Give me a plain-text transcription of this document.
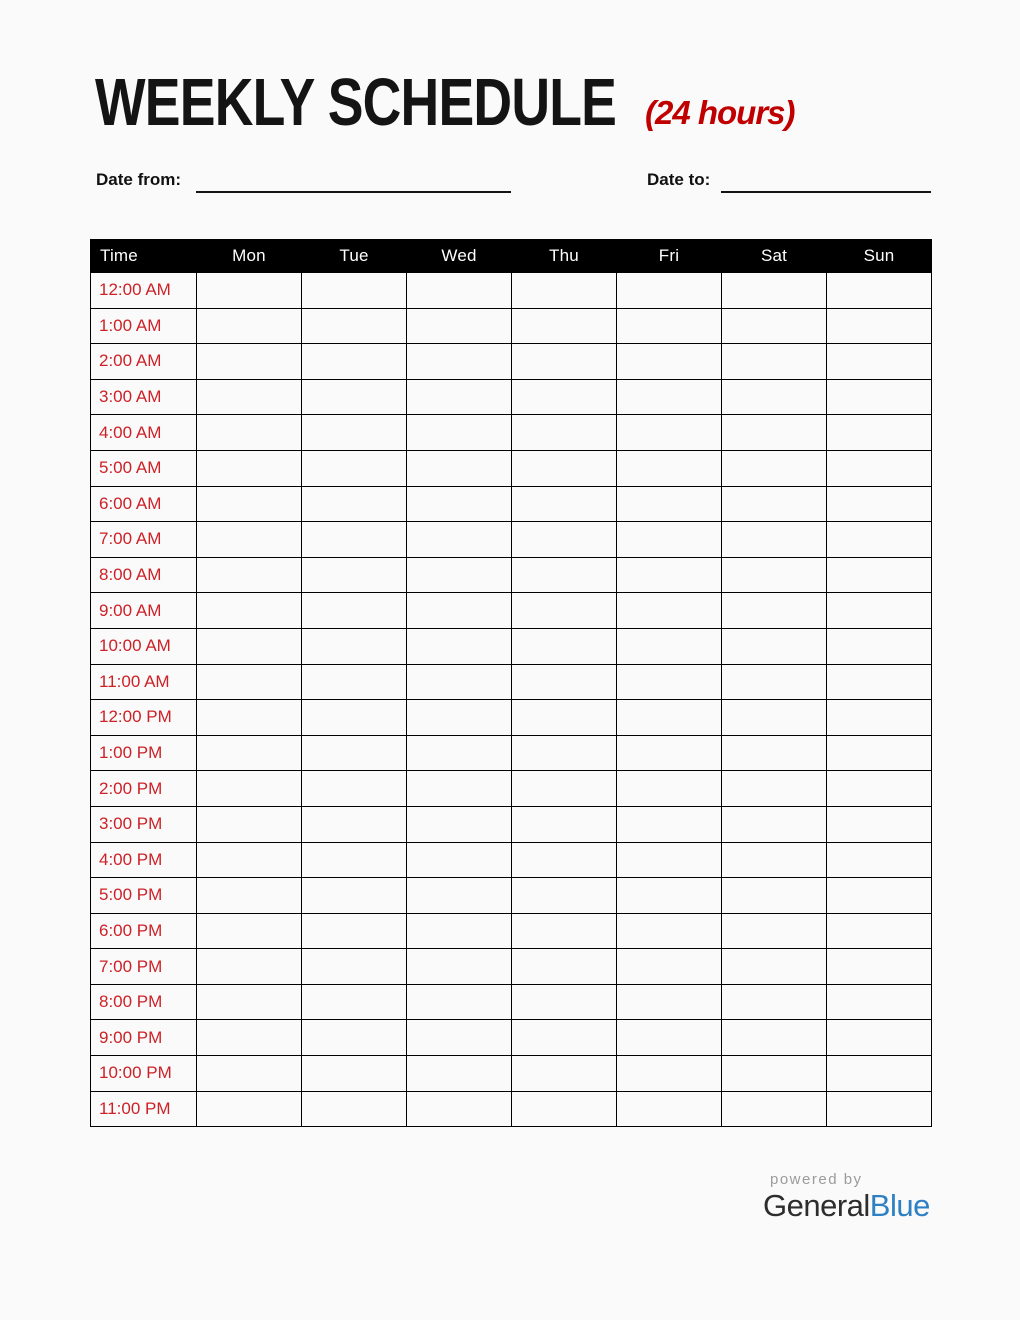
WEEKLY SCHEDULE (24 hours)
Date from:	Date to:
Time	Mon	Tue	Wed	Thu	Fri	Sat	Sun
12:00 AM							
1:00 AM							
2:00 AM							
3:00 AM							
4:00 AM							
5:00 AM							
6:00 AM							
7:00 AM							
8:00 AM							
9:00 AM							
10:00 AM							
11:00 AM							
12:00 PM							
1:00 PM							
2:00 PM							
3:00 PM							
4:00 PM							
5:00 PM							
6:00 PM							
7:00 PM							
8:00 PM							
9:00 PM							
10:00 PM							
11:00 PM							
powered by
GeneralBlue
